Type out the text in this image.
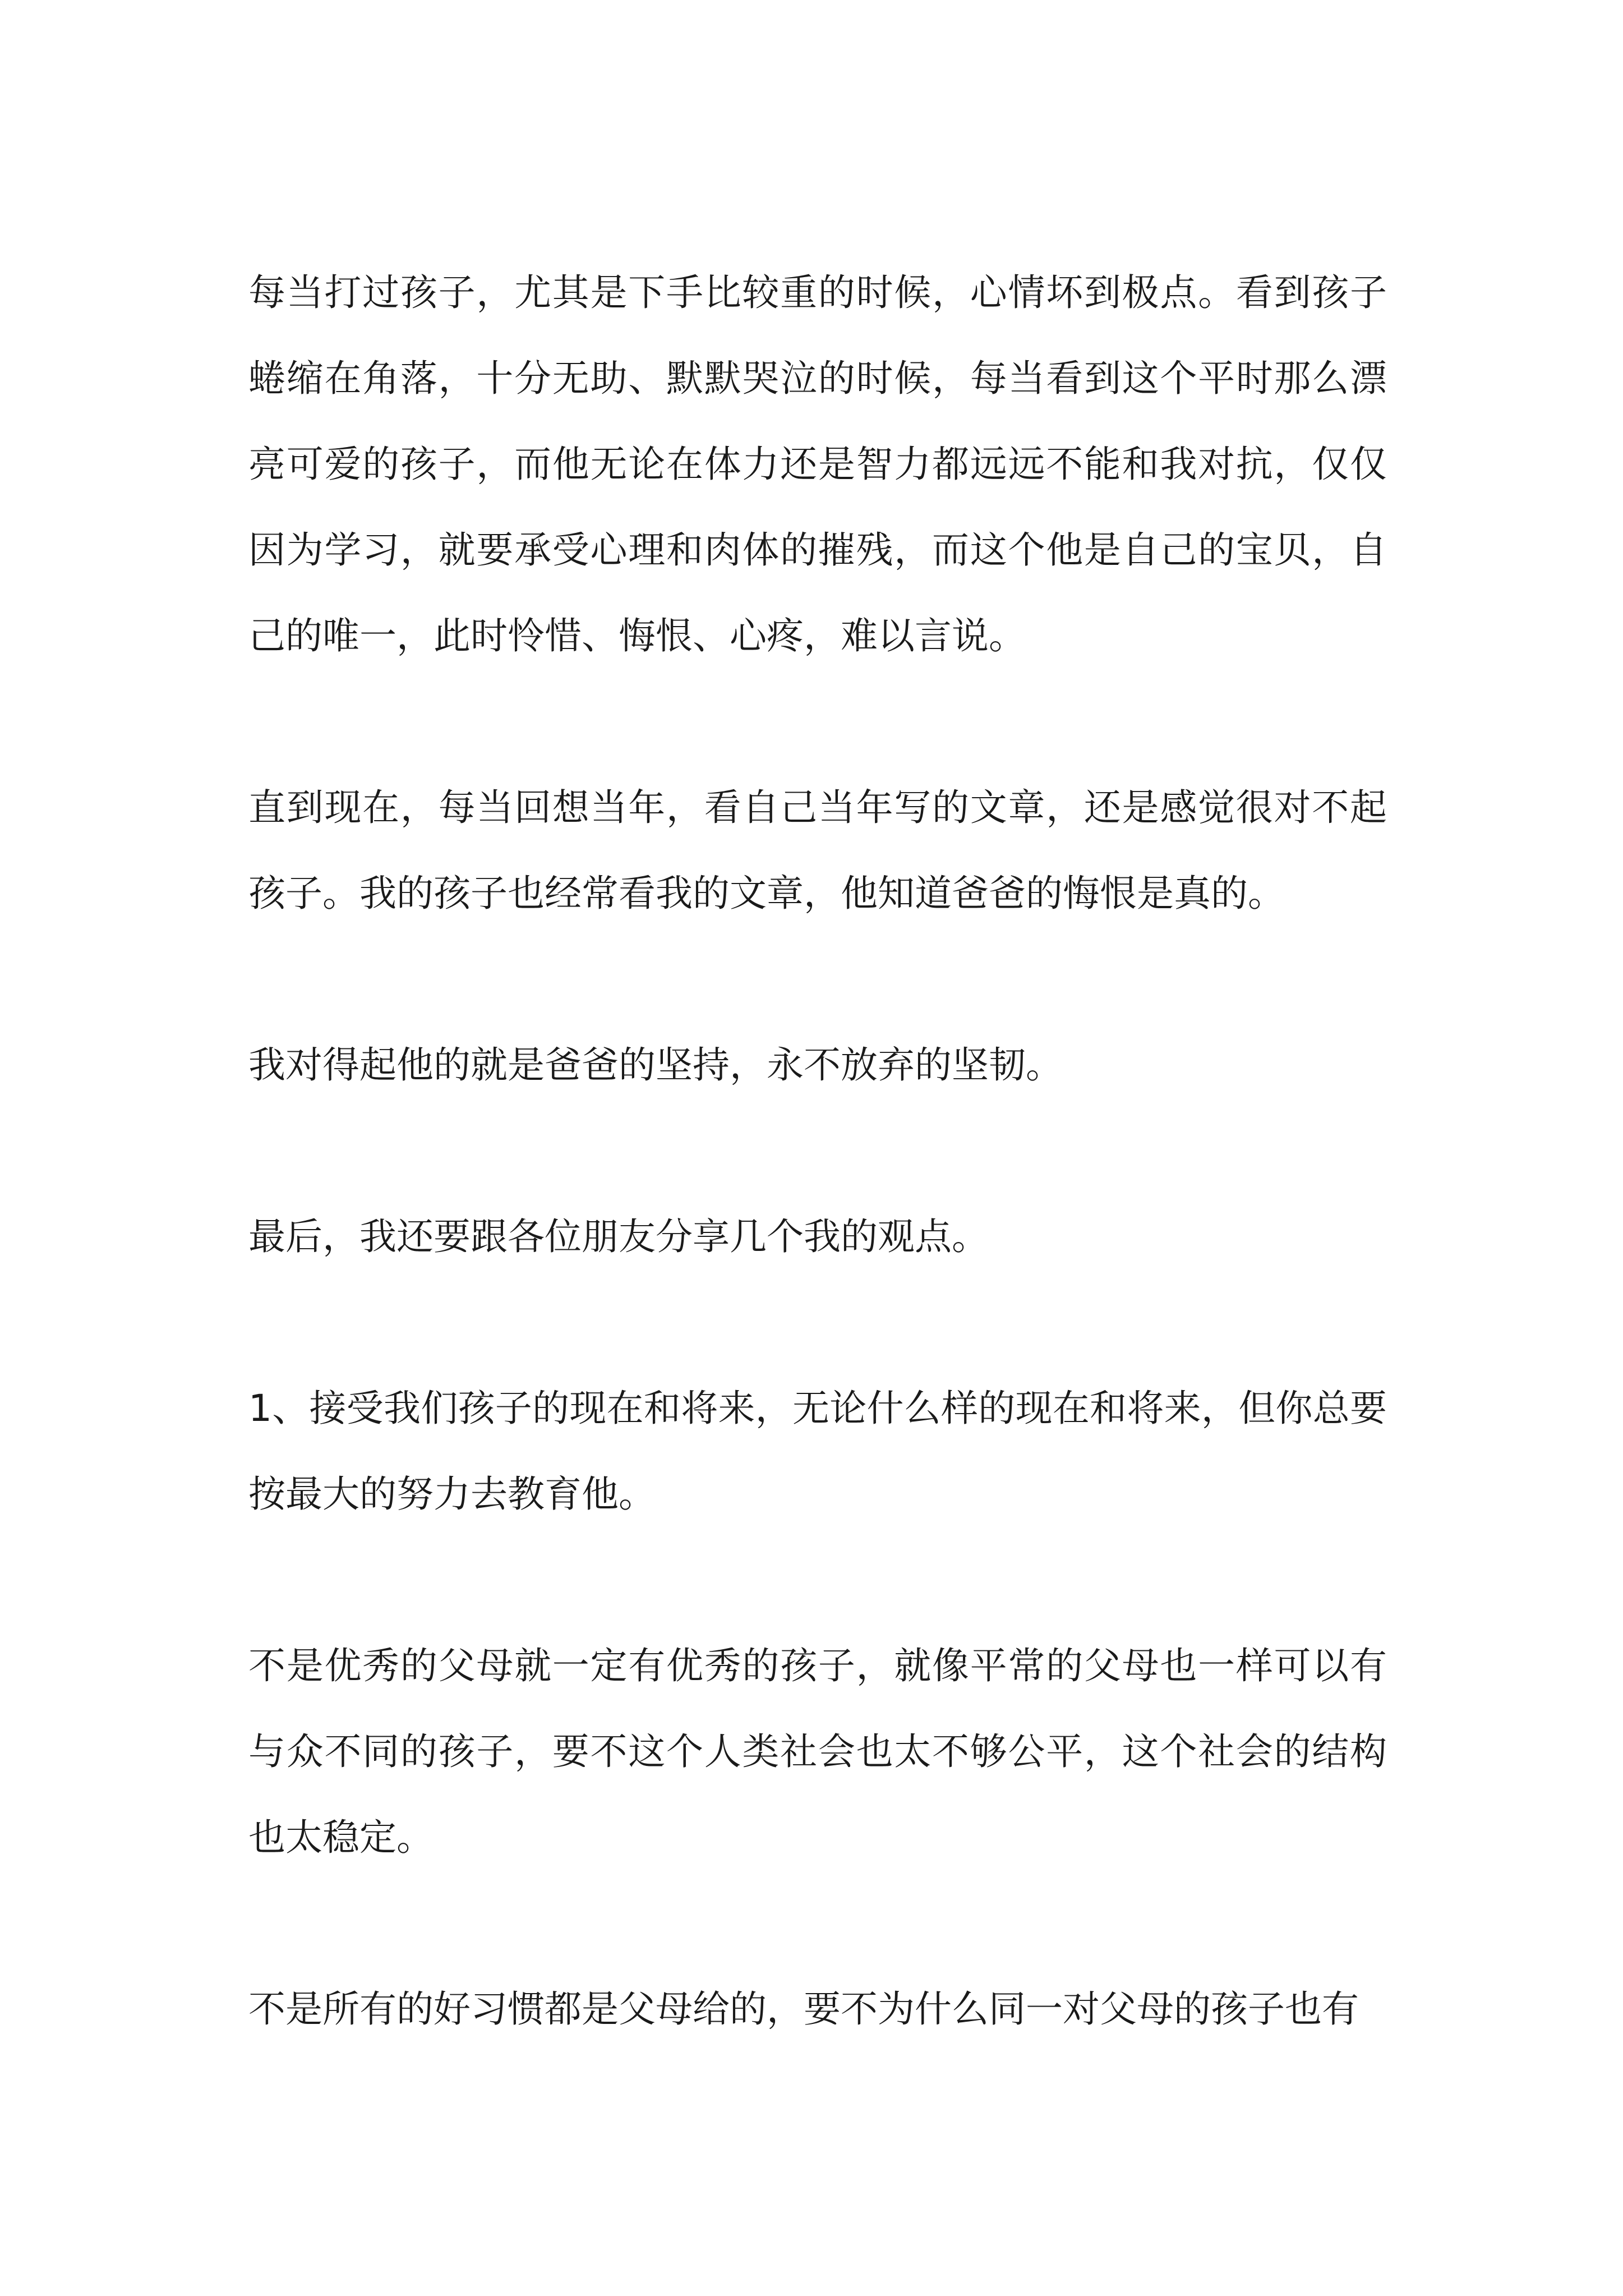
每当打过孩子，尤其是下手比较重的时候，心情坏到极点。看到孩子蜷缩在角落，十分无助、默默哭泣的时候，每当看到这个平时那么漂亮可爱的孩子，而他无论在体力还是智力都远远不能和我对抗，仅仅因为学习，就要承受心理和肉体的摧残，而这个他是自己的宝贝，自己的唯一，此时怜惜、悔恨、心疼，难以言说。

直到现在，每当回想当年，看自己当年写的文章，还是感觉很对不起孩子。我的孩子也经常看我的文章，他知道爸爸的悔恨是真的。

我对得起他的就是爸爸的坚持，永不放弃的坚韧。

最后，我还要跟各位朋友分享几个我的观点。

1、接受我们孩子的现在和将来，无论什么样的现在和将来，但你总要按最大的努力去教育他。

不是优秀的父母就一定有优秀的孩子，就像平常的父母也一样可以有与众不同的孩子，要不这个人类社会也太不够公平，这个社会的结构也太稳定。

不是所有的好习惯都是父母给的，要不为什么同一对父母的孩子也有
